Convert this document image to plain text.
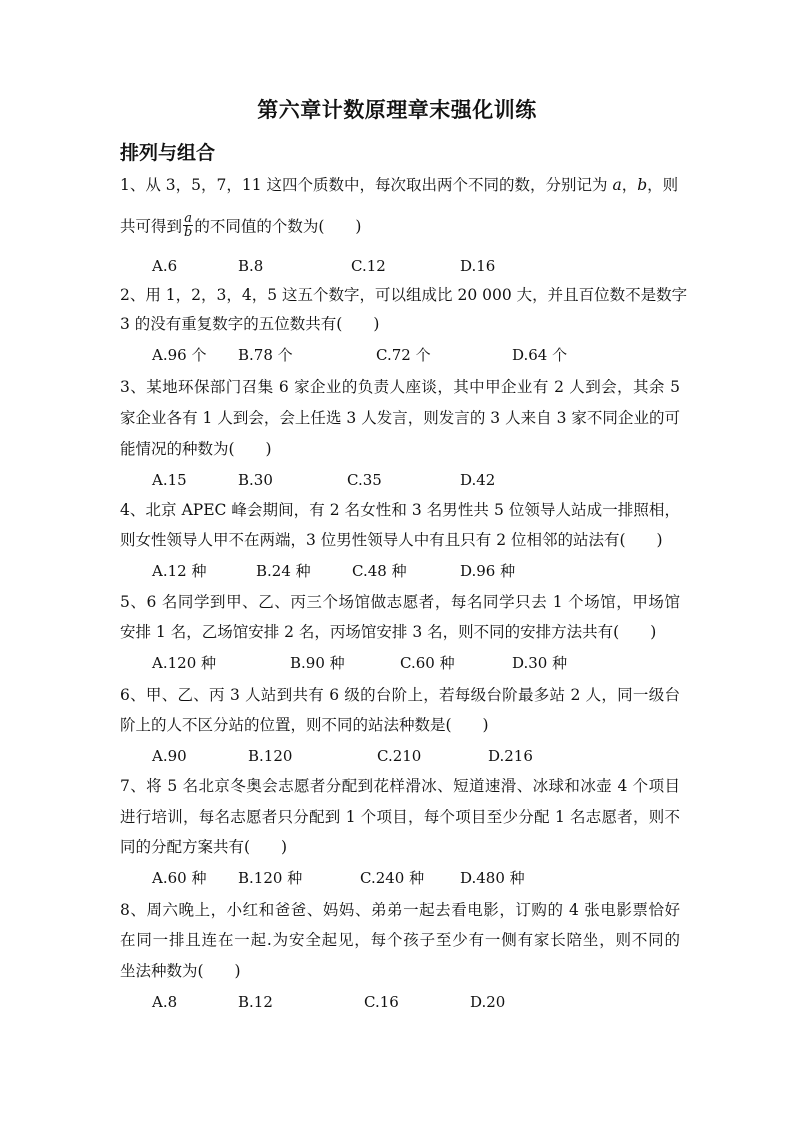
第六章计数原理章末强化训练
排列与组合
1、从 3，5，7，11 这四个质数中，每次取出两个不同的数，分别记为 a，b，则
共可得到 $\frac{a}{b}$ 的不同值的个数为(　　)
A.6	B.8	C.12	D.16
2、用 1，2，3，4，5 这五个数字，可以组成比 20 000 大，并且百位数不是数字
3 的没有重复数字的五位数共有(　　)
A.96 个 B.78 个	C.72 个	D.64 个
3、某地环保部门召集 6 家企业的负责人座谈，其中甲企业有 2 人到会，其余 5
家企业各有 1 人到会，会上任选 3 人发言，则发言的 3 人来自 3 家不同企业的可
能情况的种数为(　　)
A.15	B.30	C.35	D.42
4、北京 APEC 峰会期间，有 2 名女性和 3 名男性共 5 位领导人站成一排照相，
则女性领导人甲不在两端，3 位男性领导人中有且只有 2 位相邻的站法有(　　)
A.12 种	B.24 种	C.48 种	D.96 种
5、6 名同学到甲、乙、丙三个场馆做志愿者，每名同学只去 1 个场馆，甲场馆
安排 1 名，乙场馆安排 2 名，丙场馆安排 3 名，则不同的安排方法共有(　　)
A.120 种	B.90 种	C.60 种	D.30 种
6、甲、乙、丙 3 人站到共有 6 级的台阶上，若每级台阶最多站 2 人，同一级台
阶上的人不区分站的位置，则不同的站法种数是(　　)
A.90	B.120	C.210	D.216
7、将 5 名北京冬奥会志愿者分配到花样滑冰、短道速滑、冰球和冰壶 4 个项目
进行培训，每名志愿者只分配到 1 个项目，每个项目至少分配 1 名志愿者，则不
同的分配方案共有(　　)
A.60 种 B.120 种	C.240 种 D.480 种
8、周六晚上，小红和爸爸、妈妈、弟弟一起去看电影，订购的 4 张电影票恰好
在同一排且连在一起.为安全起见，每个孩子至少有一侧有家长陪坐，则不同的
坐法种数为(　　)
A.8	B.12	C.16	D.20
